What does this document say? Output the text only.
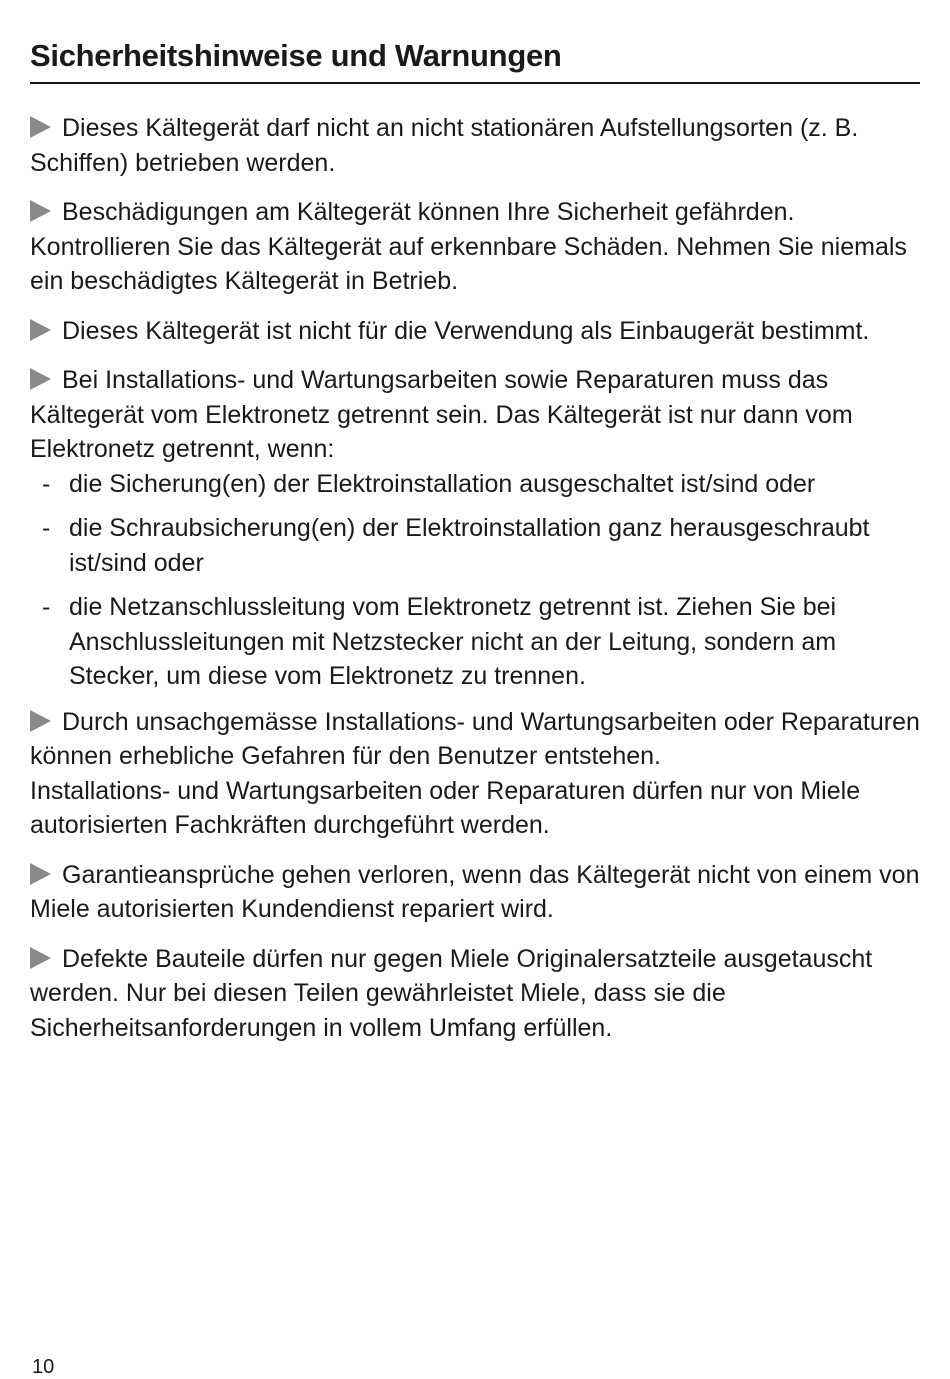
Sicherheitshinweise und Warnungen

Dieses Kältegerät darf nicht an nicht stationären Aufstellungsorten (z. B. Schiffen) betrieben werden.

Beschädigungen am Kältegerät können Ihre Sicherheit gefährden. Kontrollieren Sie das Kältegerät auf erkennbare Schäden. Nehmen Sie niemals ein beschädigtes Kältegerät in Betrieb.

Dieses Kältegerät ist nicht für die Verwendung als Einbaugerät bestimmt.

Bei Installations- und Wartungsarbeiten sowie Reparaturen muss das Kältegerät vom Elektronetz getrennt sein. Das Kältegerät ist nur dann vom Elektronetz getrennt, wenn:

- die Sicherung(en) der Elektroinstallation ausgeschaltet ist/sind oder
- die Schraubsicherung(en) der Elektroinstallation ganz herausgeschraubt ist/sind oder
- die Netzanschlussleitung vom Elektronetz getrennt ist. Ziehen Sie bei Anschlussleitungen mit Netzstecker nicht an der Leitung, sondern am Stecker, um diese vom Elektronetz zu trennen.

Durch unsachgemässe Installations- und Wartungsarbeiten oder Reparaturen können erhebliche Gefahren für den Benutzer entstehen.

Installations- und Wartungsarbeiten oder Reparaturen dürfen nur von Miele autorisierten Fachkräften durchgeführt werden.

Garantieansprüche gehen verloren, wenn das Kältegerät nicht von einem von Miele autorisierten Kundendienst repariert wird.

Defekte Bauteile dürfen nur gegen Miele Originalersatzteile ausgetauscht werden. Nur bei diesen Teilen gewährleistet Miele, dass sie die Sicherheitsanforderungen in vollem Umfang erfüllen.

10
